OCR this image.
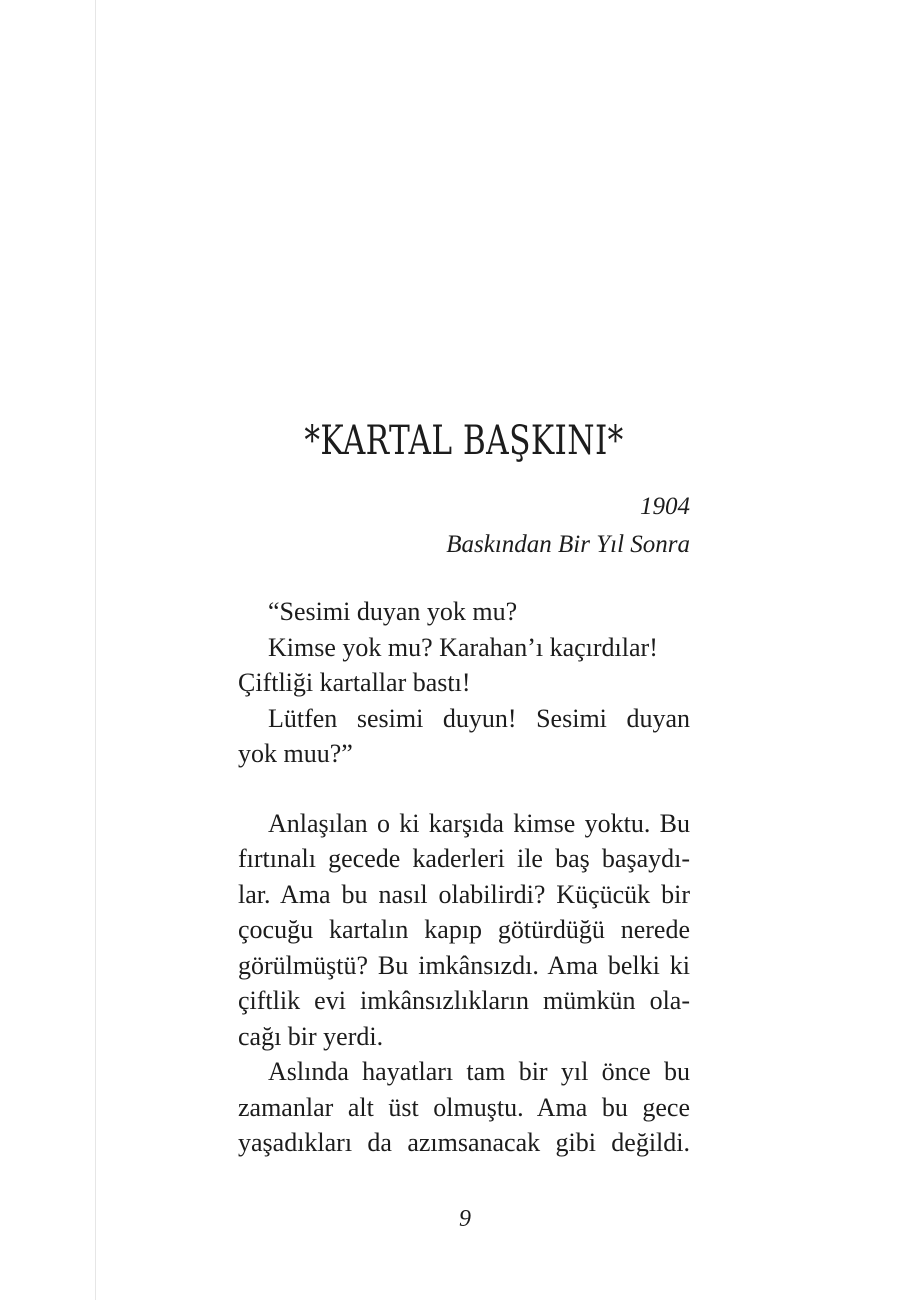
*KARTAL BAŞKINI*
1904
Baskından Bir Yıl Sonra
“Sesimi duyan yok mu?
Kimse yok mu? Karahan’ı kaçırdılar!
Çiftliği kartallar bastı!
Lütfen sesimi duyun! Sesimi duyan
yok muu?”
Anlaşılan o ki karşıda kimse yoktu. Bu
fırtınalı gecede kaderleri ile baş başaydı-
lar. Ama bu nasıl olabilirdi? Küçücük bir
çocuğu kartalın kapıp götürdüğü nerede
görülmüştü? Bu imkânsızdı. Ama belki ki
çiftlik evi imkânsızlıkların mümkün ola-
cağı bir yerdi.
Aslında hayatları tam bir yıl önce bu
zamanlar alt üst olmuştu. Ama bu gece
yaşadıkları da azımsanacak gibi değildi.
9
